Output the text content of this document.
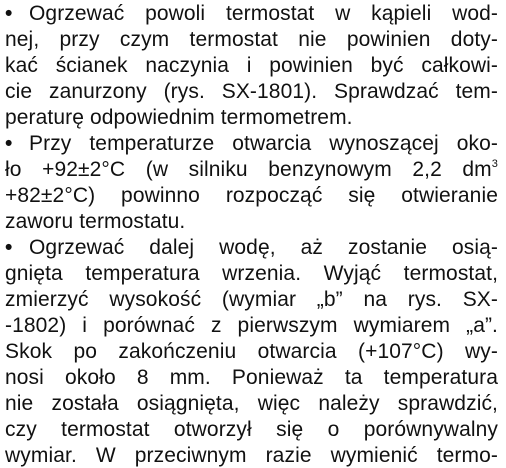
• Ogrzewać powoli termostat w kąpieli wod-
nej, przy czym termostat nie powinien doty-
kać ścianek naczynia i powinien być całkowi-
cie zanurzony (rys. SX-1801). Sprawdzać tem-
peraturę odpowiednim termometrem.
• Przy temperaturze otwarcia wynoszącej oko-
ło +92±2°C (w silniku benzynowym 2,2 $dm^3$
+82±2°C) powinno rozpocząć się otwieranie
zaworu termostatu.
• Ogrzewać dalej wodę, aż zostanie osią-
gnięta temperatura wrzenia. Wyjąć termostat,
zmierzyć wysokość (wymiar „b” na rys. SX-
-1802) i porównać z pierwszym wymiarem „a”.
Skok po zakończeniu otwarcia (+107°C) wy-
nosi około 8 mm. Ponieważ ta temperatura
nie została osiągnięta, więc należy sprawdzić,
czy termostat otworzył się o porównywalny
wymiar. W przeciwnym razie wymienić termo-
